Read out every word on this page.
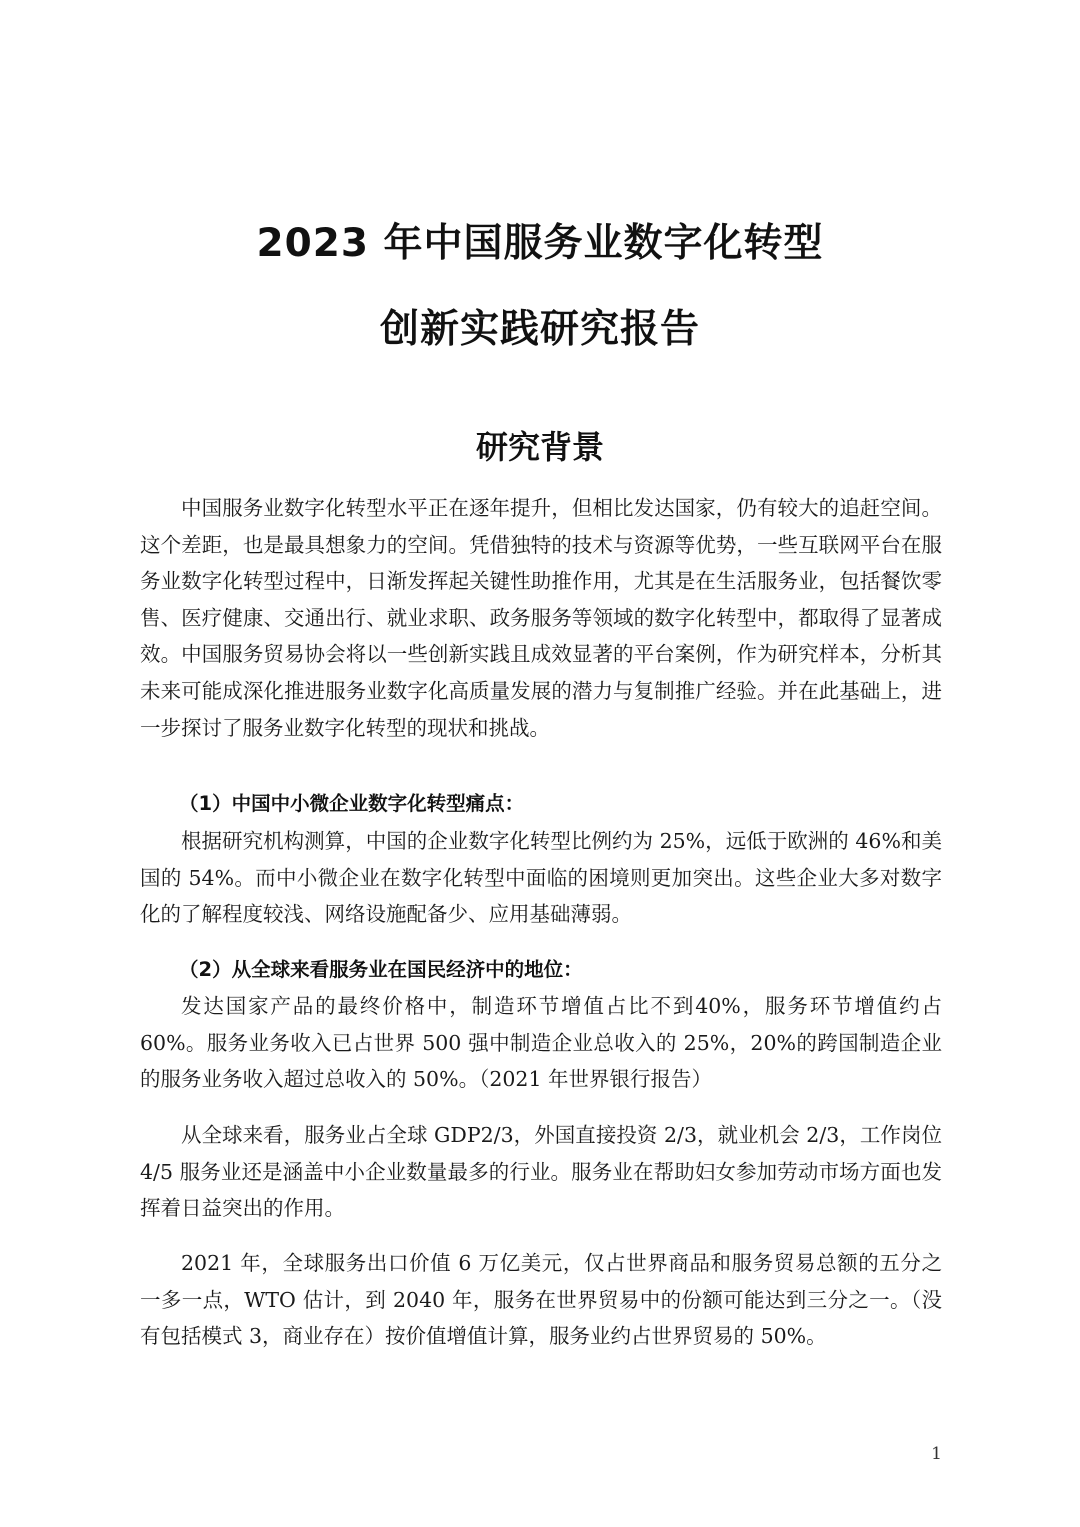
2023 年中国服务业数字化转型
创新实践研究报告
研究背景

中国服务业数字化转型水平正在逐年提升，但相比发达国家，仍有较大的追赶空间。这个差距，也是最具想象力的空间。凭借独特的技术与资源等优势，一些互联网平台在服务业数字化转型过程中，日渐发挥起关键性助推作用，尤其是在生活服务业，包括餐饮零售、医疗健康、交通出行、就业求职、政务服务等领域的数字化转型中，都取得了显著成效。中国服务贸易协会将以一些创新实践且成效显著的平台案例，作为研究样本，分析其未来可能成深化推进服务业数字化高质量发展的潜力与复制推广经验。并在此基础上，进一步探讨了服务业数字化转型的现状和挑战。

（1）中国中小微企业数字化转型痛点：

根据研究机构测算，中国的企业数字化转型比例约为 25%，远低于欧洲的 46%和美国的 54%。而中小微企业在数字化转型中面临的困境则更加突出。这些企业大多对数字化的了解程度较浅、网络设施配备少、应用基础薄弱。

（2）从全球来看服务业在国民经济中的地位：

发达国家产品的最终价格中，制造环节增值占比不到40%，服务环节增值约占60%。服务业务收入已占世界 500 强中制造企业总收入的 25%，20%的跨国制造企业的服务业务收入超过总收入的 50%。（2021 年世界银行报告）

从全球来看，服务业占全球 GDP2/3，外国直接投资 2/3，就业机会 2/3，工作岗位 4/5 服务业还是涵盖中小企业数量最多的行业。服务业在帮助妇女参加劳动市场方面也发挥着日益突出的作用。

2021 年，全球服务出口价值 6 万亿美元，仅占世界商品和服务贸易总额的五分之一多一点，WTO 估计，到 2040 年，服务在世界贸易中的份额可能达到三分之一。（没有包括模式 3，商业存在）按价值增值计算，服务业约占世界贸易的 50%。

1
